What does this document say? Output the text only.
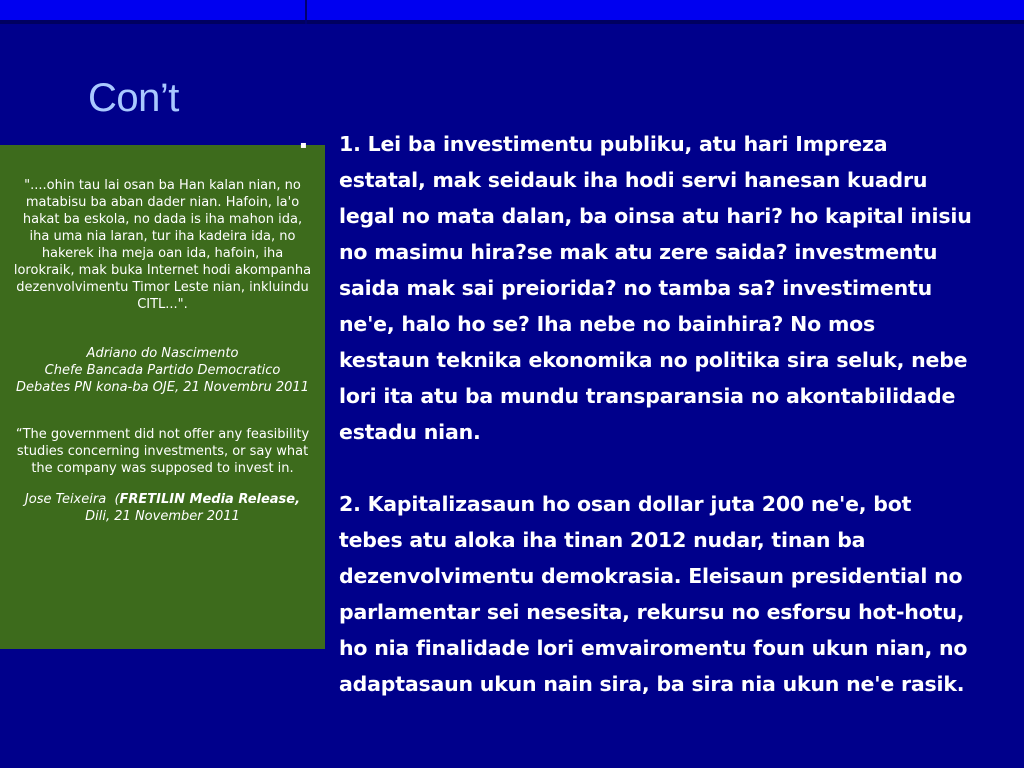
Con’t

"....ohin tau lai osan ba Han kalan nian, no matabisu ba aban dader nian. Hafoin, la'o hakat ba eskola, no dada is iha mahon ida, iha uma nia laran, tur iha kadeira ida, no hakerek iha meja oan ida, hafoin, iha lorokraik, mak buka Internet hodi akompanha dezenvolvimentu Timor Leste nian, inkluindu CITL...".

Adriano do Nascimento

Chefe Bancada Partido Democratico

Debates PN kona-ba OJE, 21 Novembru 2011

“The government did not offer any feasibility studies concerning investments, or say what the company was supposed to invest in.

Jose Teixeira (FRETILIN Media Release, Dili, 21 November 2011

▪ 1. Lei ba investimentu publiku, atu hari Impreza estatal, mak seidauk iha hodi servi hanesan kuadru legal no mata dalan, ba oinsa atu hari? ho kapital inisiu no masimu hira?se mak atu zere saida? investmentu saida mak sai preiorida? no tamba sa? investimentu ne'e, halo ho se? Iha nebe no bainhira? No mos kestaun teknika ekonomika no politika sira seluk, nebe lori ita atu ba mundu transparansia no akontabilidade estadu nian.

2. Kapitalizasaun ho osan dollar juta 200 ne'e, bot tebes atu aloka iha tinan 2012 nudar, tinan ba dezenvolvimentu demokrasia. Eleisaun presidential no parlamentar sei nesesita, rekursu no esforsu hot-hotu, ho nia finalidade lori emvairomentu foun ukun nian, no adaptasaun ukun nain sira, ba sira nia ukun ne'e rasik.
